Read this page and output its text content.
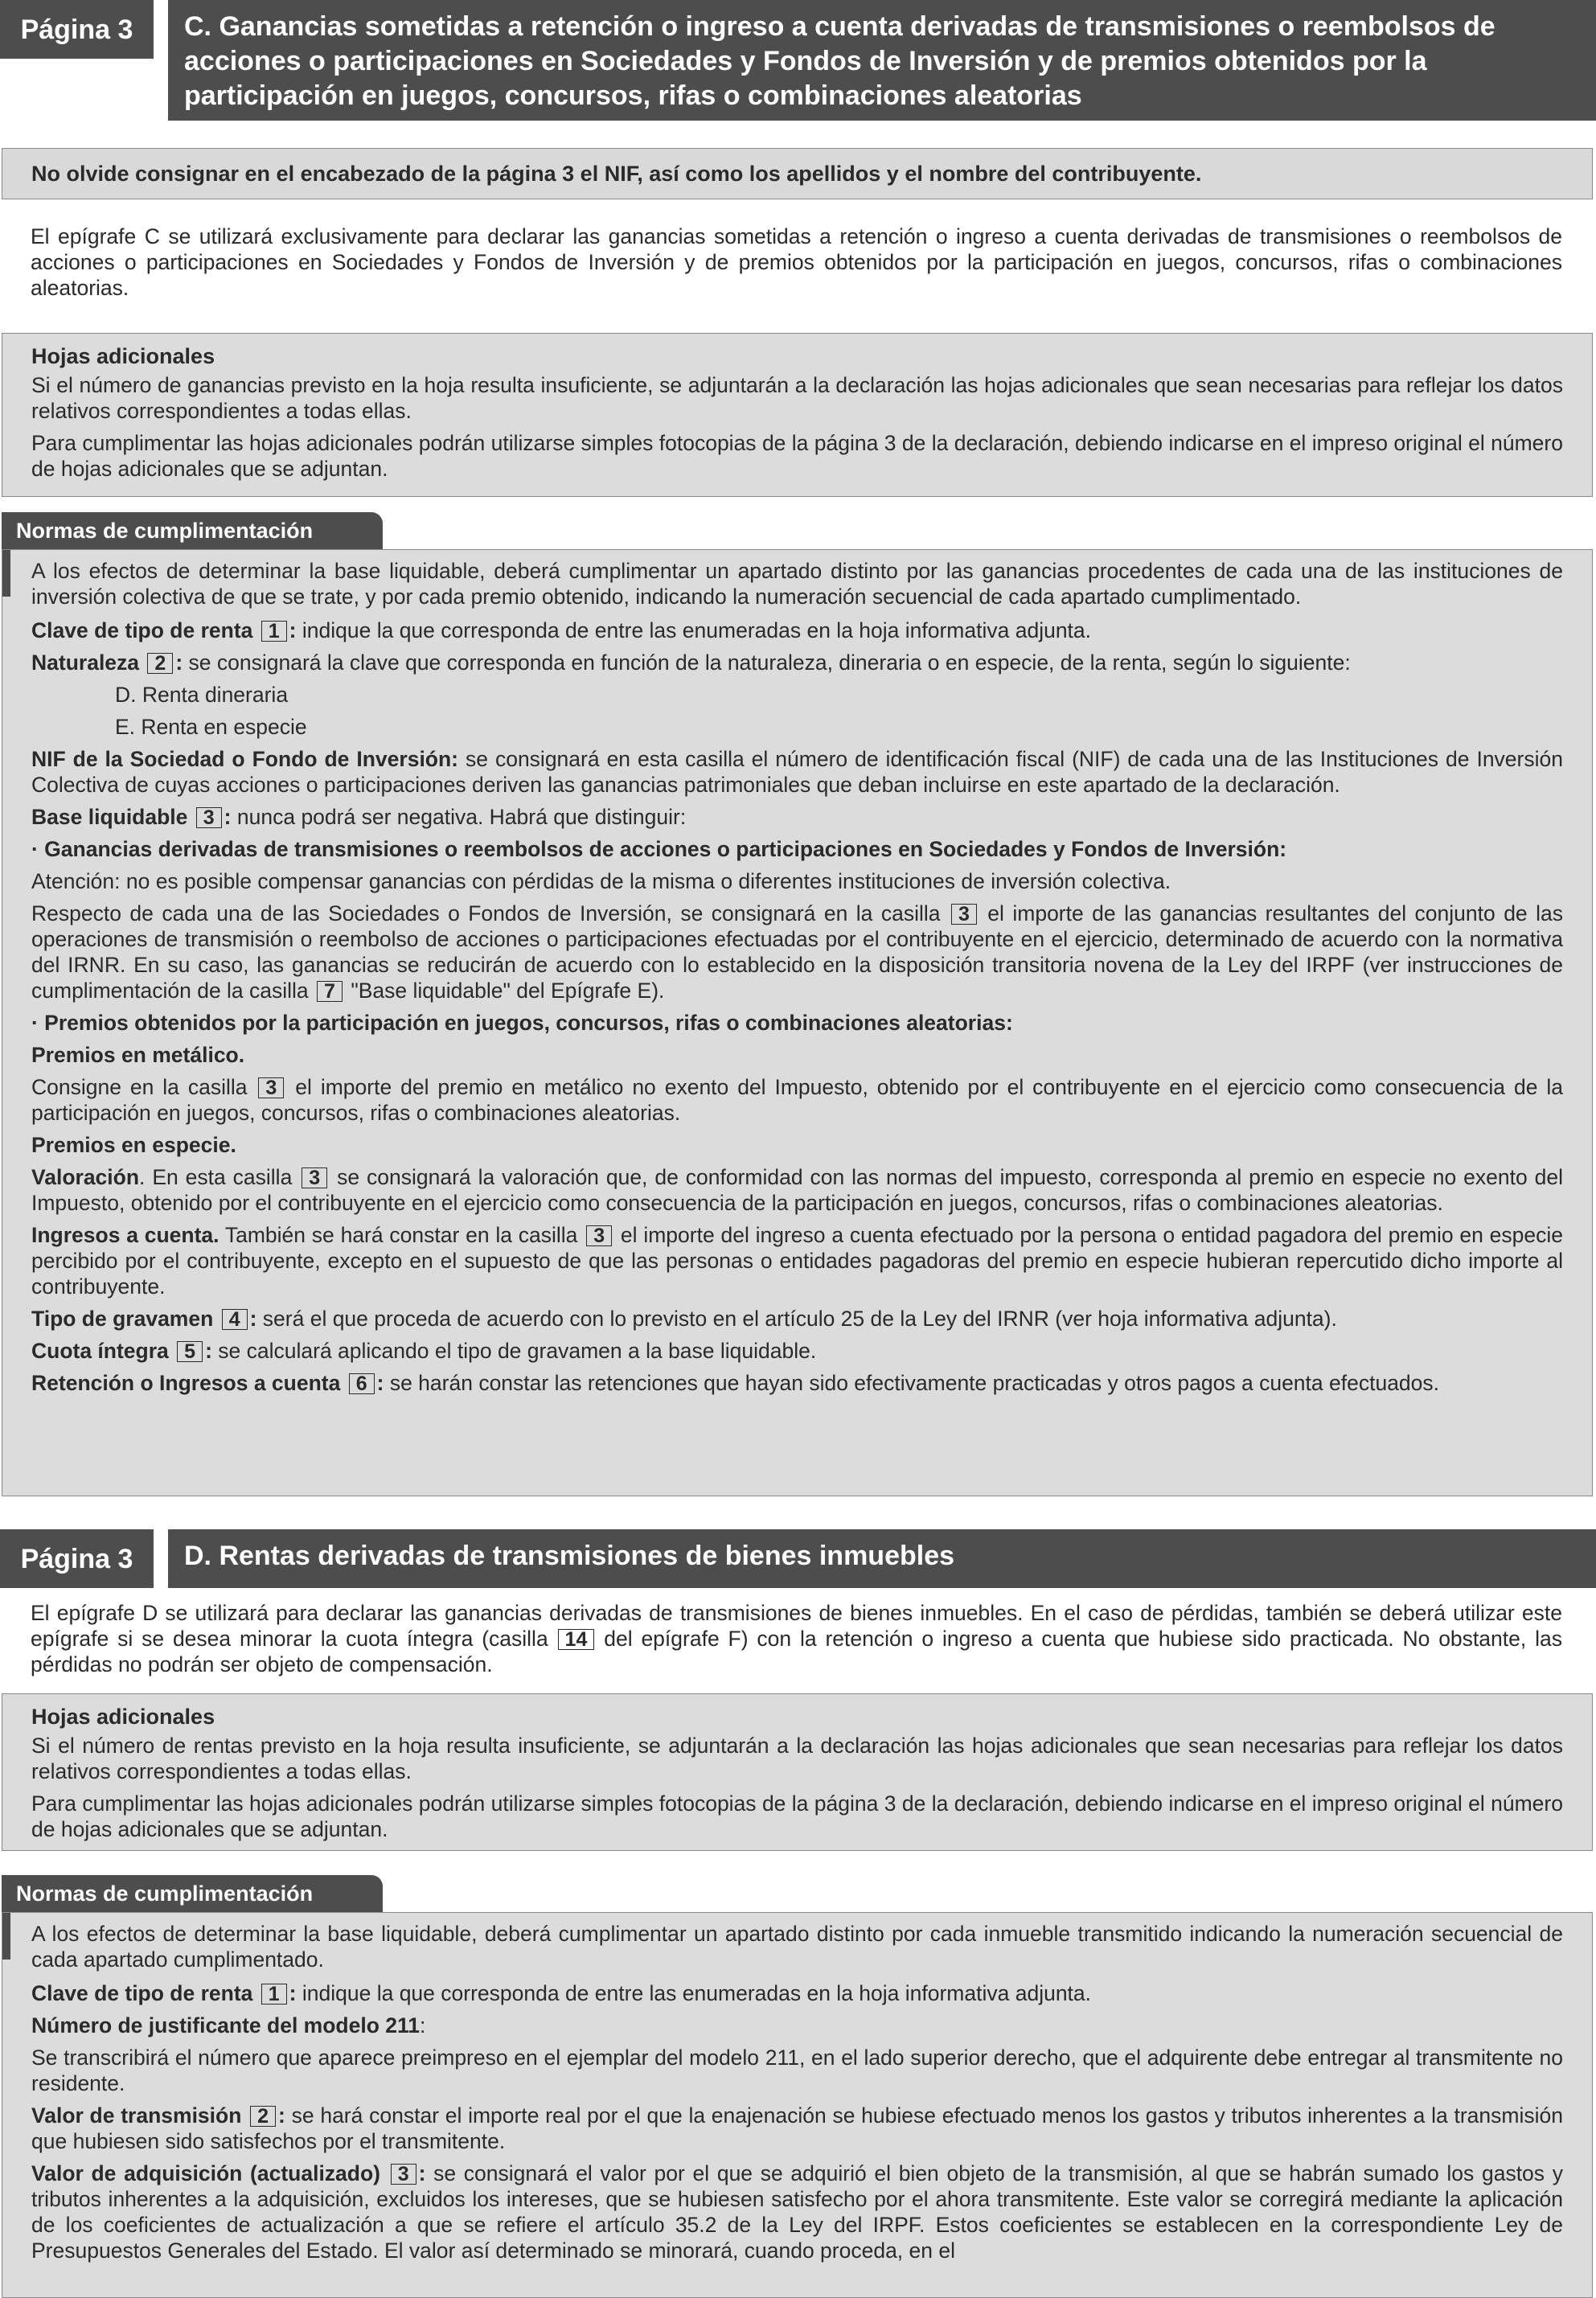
Página 3	C. Ganancias sometidas a retención o ingreso a cuenta derivadas de transmisiones o reembolsos de acciones o participaciones en Sociedades y Fondos de Inversión y de premios obtenidos por la participación en juegos, concursos, rifas o combinaciones aleatorias
No olvide consignar en el encabezado de la página 3 el NIF, así como los apellidos y el nombre del contribuyente.
El epígrafe C se utilizará exclusivamente para declarar las ganancias sometidas a retención o ingreso a cuenta derivadas de transmisiones o reembolsos de acciones o participaciones en Sociedades y Fondos de Inversión y de premios obtenidos por la participación en juegos, concursos, rifas o combinaciones aleatorias.
Hojas adicionales

Si el número de ganancias previsto en la hoja resulta insuficiente, se adjuntarán a la declaración las hojas adicionales que sean necesarias para reflejar los datos relativos correspondientes a todas ellas.

Para cumplimentar las hojas adicionales podrán utilizarse simples fotocopias de la página 3 de la declaración, debiendo indicarse en el impreso original el número de hojas adicionales que se adjuntan.

Normas de cumplimentación

A los efectos de determinar la base liquidable, deberá cumplimentar un apartado distinto por las ganancias procedentes de cada una de las instituciones de inversión colectiva de que se trate, y por cada premio obtenido, indicando la numeración secuencial de cada apartado cumplimentado.

Clave de tipo de renta 1 : indique la que corresponda de entre las enumeradas en la hoja informativa adjunta.

Naturaleza 2 : se consignará la clave que corresponda en función de la naturaleza, dineraria o en especie, de la renta, según lo siguiente:

D. Renta dineraria

E. Renta en especie

NIF de la Sociedad o Fondo de Inversión: se consignará en esta casilla el número de identificación fiscal (NIF) de cada una de las Instituciones de Inversión Colectiva de cuyas acciones o participaciones deriven las ganancias patrimoniales que deban incluirse en este apartado de la declaración.

Base liquidable 3 : nunca podrá ser negativa. Habrá que distinguir:

· Ganancias derivadas de transmisiones o reembolsos de acciones o participaciones en Sociedades y Fondos de Inversión:

Atención: no es posible compensar ganancias con pérdidas de la misma o diferentes instituciones de inversión colectiva.

Respecto de cada una de las Sociedades o Fondos de Inversión, se consignará en la casilla 3 el importe de las ganancias resultantes del conjunto de las operaciones de transmisión o reembolso de acciones o participaciones efectuadas por el contribuyente en el ejercicio, determinado de acuerdo con la normativa del IRNR. En su caso, las ganancias se reducirán de acuerdo con lo establecido en la disposición transitoria novena de la Ley del IRPF (ver instrucciones de cumplimentación de la casilla 7 "Base liquidable" del Epígrafe E).

· Premios obtenidos por la participación en juegos, concursos, rifas o combinaciones aleatorias:

Premios en metálico.

Consigne en la casilla 3 el importe del premio en metálico no exento del Impuesto, obtenido por el contribuyente en el ejercicio como consecuencia de la participación en juegos, concursos, rifas o combinaciones aleatorias.

Premios en especie.

Valoración. En esta casilla 3 se consignará la valoración que, de conformidad con las normas del impuesto, corresponda al premio en especie no exento del Impuesto, obtenido por el contribuyente en el ejercicio como consecuencia de la participación en juegos, concursos, rifas o combinaciones aleatorias.

Ingresos a cuenta. También se hará constar en la casilla 3 el importe del ingreso a cuenta efectuado por la persona o entidad pagadora del premio en especie percibido por el contribuyente, excepto en el supuesto de que las personas o entidades pagadoras del premio en especie hubieran repercutido dicho importe al contribuyente.

Tipo de gravamen 4 : será el que proceda de acuerdo con lo previsto en el artículo 25 de la Ley del IRNR (ver hoja informativa adjunta).

Cuota íntegra 5 : se calculará aplicando el tipo de gravamen a la base liquidable.

Retención o Ingresos a cuenta 6 : se harán constar las retenciones que hayan sido efectivamente practicadas y otros pagos a cuenta efectuados.

Página 3	D. Rentas derivadas de transmisiones de bienes inmuebles
El epígrafe D se utilizará para declarar las ganancias derivadas de transmisiones de bienes inmuebles. En el caso de pérdidas, también se deberá utilizar este epígrafe si se desea minorar la cuota íntegra (casilla 14 del epígrafe F) con la retención o ingreso a cuenta que hubiese sido practicada. No obstante, las pérdidas no podrán ser objeto de compensación.
Hojas adicionales

Si el número de rentas previsto en la hoja resulta insuficiente, se adjuntarán a la declaración las hojas adicionales que sean necesarias para reflejar los datos relativos correspondientes a todas ellas.

Para cumplimentar las hojas adicionales podrán utilizarse simples fotocopias de la página 3 de la declaración, debiendo indicarse en el impreso original el número de hojas adicionales que se adjuntan.

Normas de cumplimentación

A los efectos de determinar la base liquidable, deberá cumplimentar un apartado distinto por cada inmueble transmitido indicando la numeración secuencial de cada apartado cumplimentado.

Clave de tipo de renta 1 : indique la que corresponda de entre las enumeradas en la hoja informativa adjunta.

Número de justificante del modelo 211:

Se transcribirá el número que aparece preimpreso en el ejemplar del modelo 211, en el lado superior derecho, que el adquirente debe entregar al transmitente no residente.

Valor de transmisión 2 : se hará constar el importe real por el que la enajenación se hubiese efectuado menos los gastos y tributos inherentes a la transmisión que hubiesen sido satisfechos por el transmitente.

Valor de adquisición (actualizado) 3 : se consignará el valor por el que se adquirió el bien objeto de la transmisión, al que se habrán sumado los gastos y tributos inherentes a la adquisición, excluidos los intereses, que se hubiesen satisfecho por el ahora transmitente. Este valor se corregirá mediante la aplicación de los coeficientes de actualización a que se refiere el artículo 35.2 de la Ley del IRPF. Estos coeficientes se establecen en la correspondiente Ley de Presupuestos Generales del Estado. El valor así determinado se minorará, cuando proceda, en el
